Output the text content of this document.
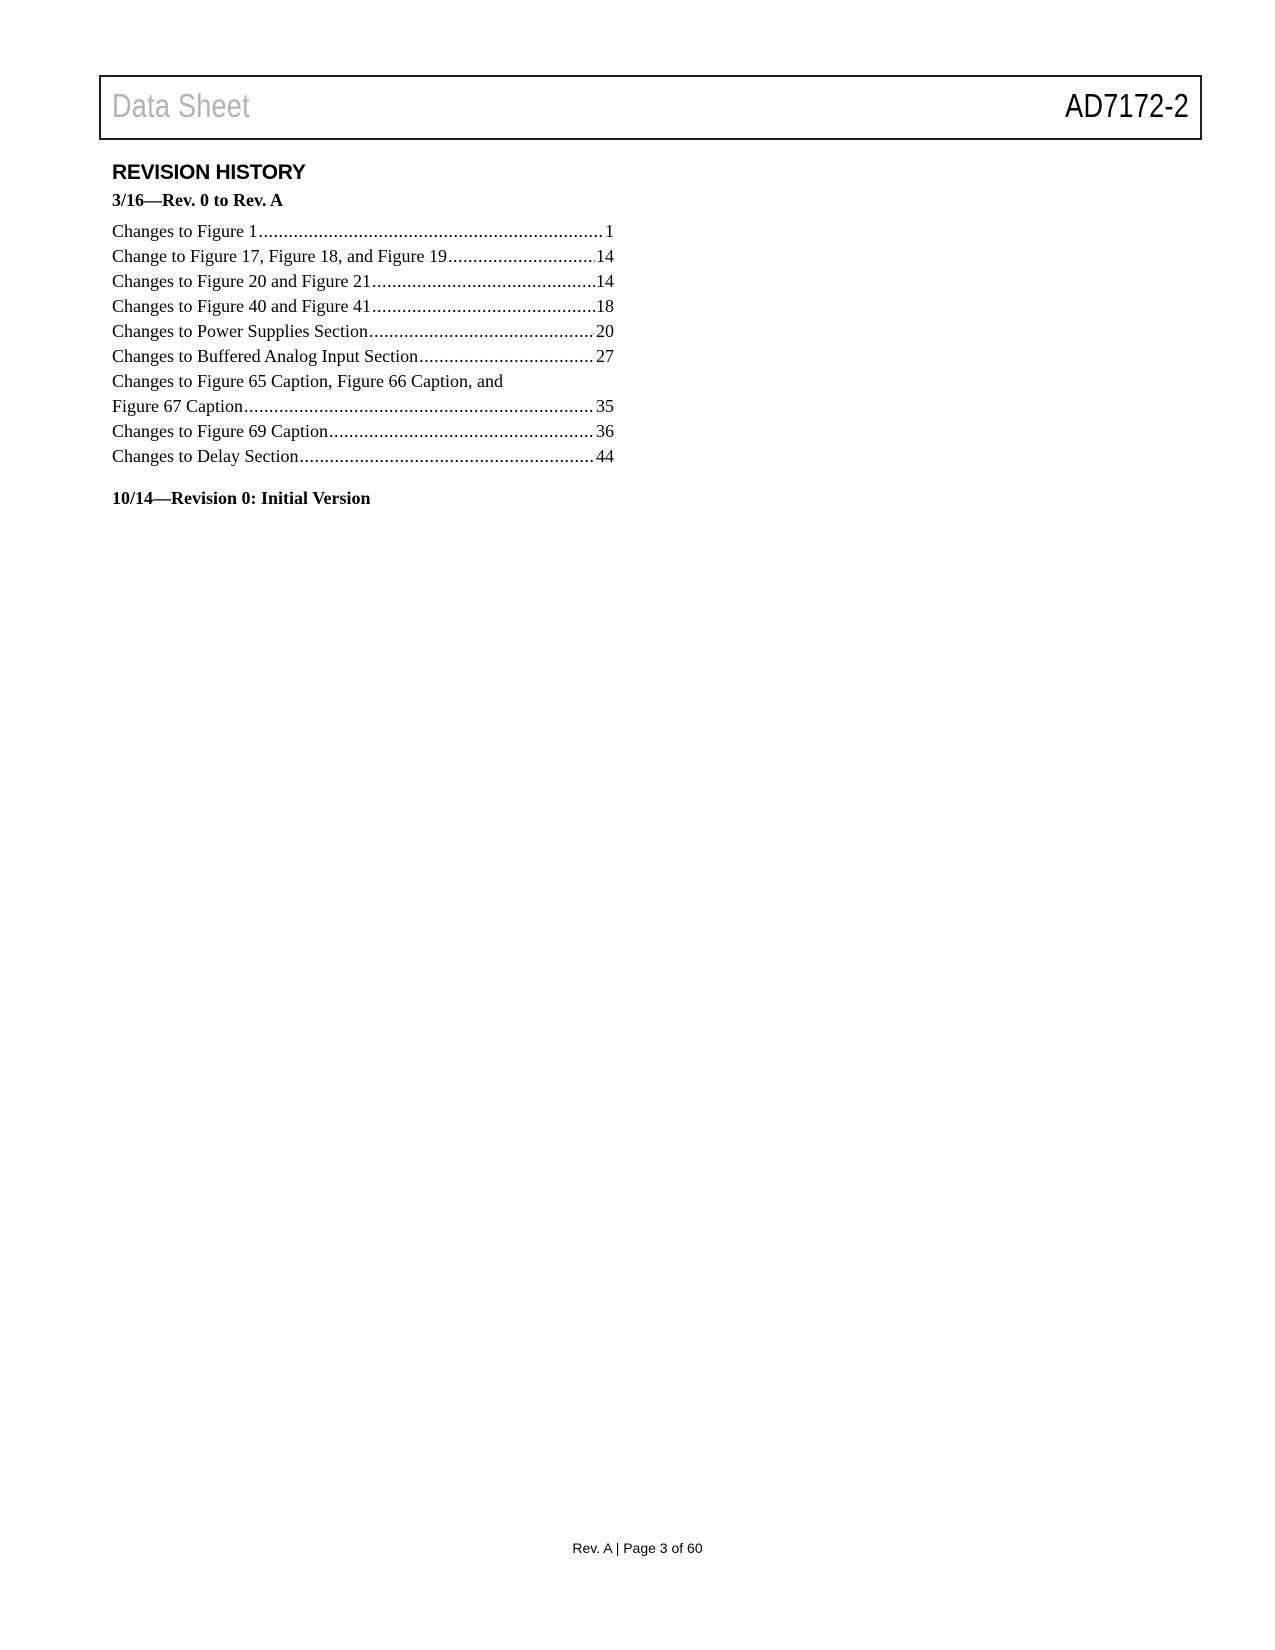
Data Sheet	AD7172-2
REVISION HISTORY
3/16—Rev. 0 to Rev. A
Changes to Figure 1 .....	1
Change to Figure 17, Figure 18, and Figure 19 .....	14
Changes to Figure 20 and Figure 21 .....	14
Changes to Figure 40 and Figure 41 .....	18
Changes to Power Supplies Section .....	20
Changes to Buffered Analog Input Section .....	27
Changes to Figure 65 Caption, Figure 66 Caption, and
Figure 67 Caption .....	35
Changes to Figure 69 Caption .....	36
Changes to Delay Section .....	44
10/14—Revision 0: Initial Version
Rev. A | Page 3 of 60
